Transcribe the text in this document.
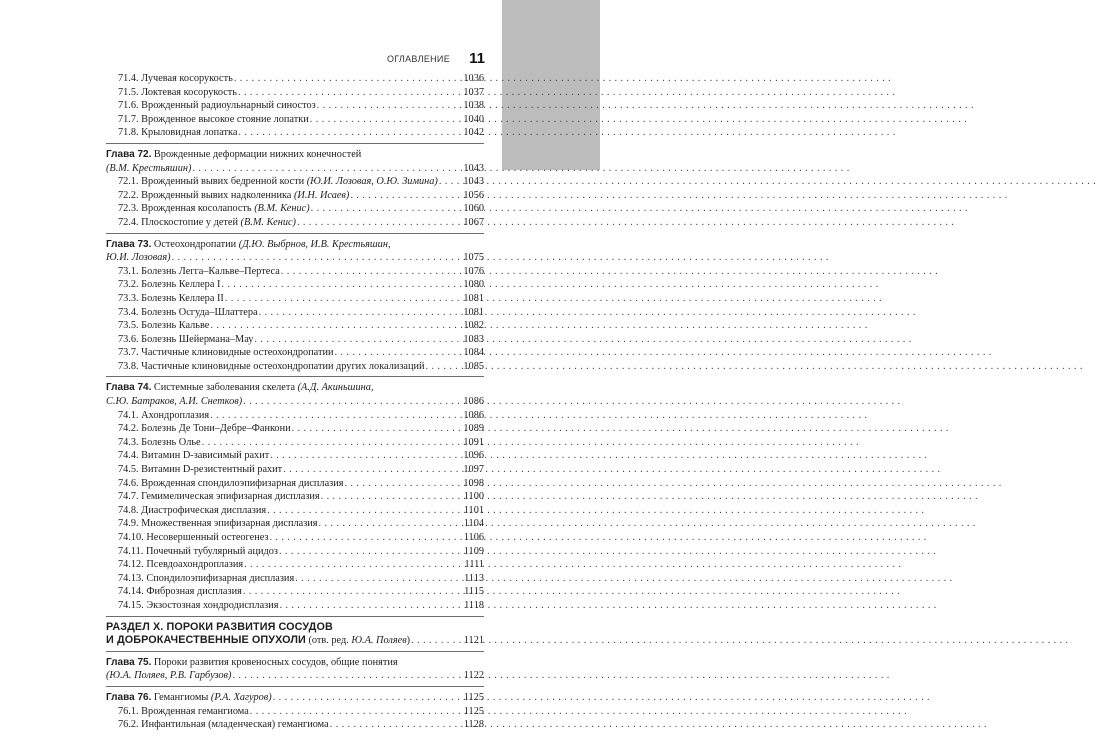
ОГЛАВЛЕНИЕ 11
71.4. Лучевая косорукость . . .	1036
71.5. Локтевая косорукость . . .	1037
71.6. Врожденный радиоульнарный синостоз . . .	1038
71.7. Врожденное высокое стояние лопатки . . .	1040
71.8. Крыловидная лопатка . . .	1042
Глава 72. Врожденные деформации нижних конечностей
(В.М. Крестьяшин) . . .	1043
72.1. Врожденный вывих бедренной кости (Ю.И. Лозовая, О.Ю. Зимина) . . . 1043
72.2. Врожденный вывих надколенника (И.Н. Исаев) . . .	1056
72.3. Врожденная косолапость (В.М. Кенис) . . .	1060
72.4. Плоскостопие у детей (В.М. Кенис) . . .	1067
Глава 73. Остеохондропатии (Д.Ю. Выбрнов, И.В. Крестьяшин,
Ю.И. Лозовая) . . .	1075
73.1. Болезнь Легга–Кальве–Пертеса . . .	1076
73.2. Болезнь Келлера I . . .	1080
73.3. Болезнь Келлера II . . .	1081
73.4. Болезнь Осгуда–Шлаттера . . .	1081
73.5. Болезнь Кальве . . .	1082
73.6. Болезнь Шейермана–Мау . . .	1083
73.7. Частичные клиновидные остеохондропатии . . .	1084
73.8. Частичные клиновидные остеохондропатии других локализаций . . .	1085
Глава 74. Системные заболевания скелета (А.Д. Акиньшина,
С.Ю. Батраков, А.И. Снетков) . . .	1086
74.1. Ахондроплазия . . .	1086
74.2. Болезнь Де Тони–Дебре–Фанкони . . .	1089
74.3. Болезнь Олье . . .	1091
74.4. Витамин D-зависимый рахит . . .	1096
74.5. Витамин D-резистентный рахит . . .	1097
74.6. Врожденная спондилоэпифизарная дисплазия . . .	1098
74.7. Гемимелическая эпифизарная дисплазия . . .	1100
74.8. Диастрофическая дисплазия . . .	1101
74.9. Множественная эпифизарная дисплазия . . .	1104
74.10. Несовершенный остеогенез . . .	1106
74.11. Почечный тубулярный ацидоз . . .	1109
74.12. Псевдоахондроплазия . . .	1111
74.13. Спондилоэпифизарная дисплазия . . .	1113
74.14. Фиброзная дисплазия . . .	1115
74.15. Экзостозная хондродисплазия . . .	1118
РАЗДЕЛ X. ПОРОКИ РАЗВИТИЯ СОСУДОВ
И ДОБРОКАЧЕСТВЕННЫЕ ОПУХОЛИ (отв. ред. Ю.А. Поляев) . . .	1121
Глава 75. Пороки развития кровеносных сосудов, общие понятия
(Ю.А. Поляев, Р.В. Гарбузов) . . .	1122
Глава 76. Гемангиомы (Р.А. Хагуров) . . .	1125
76.1. Врожденная гемангиома . . .	1125
76.2. Инфантильная (младенческая) гемангиома . . .	1128
